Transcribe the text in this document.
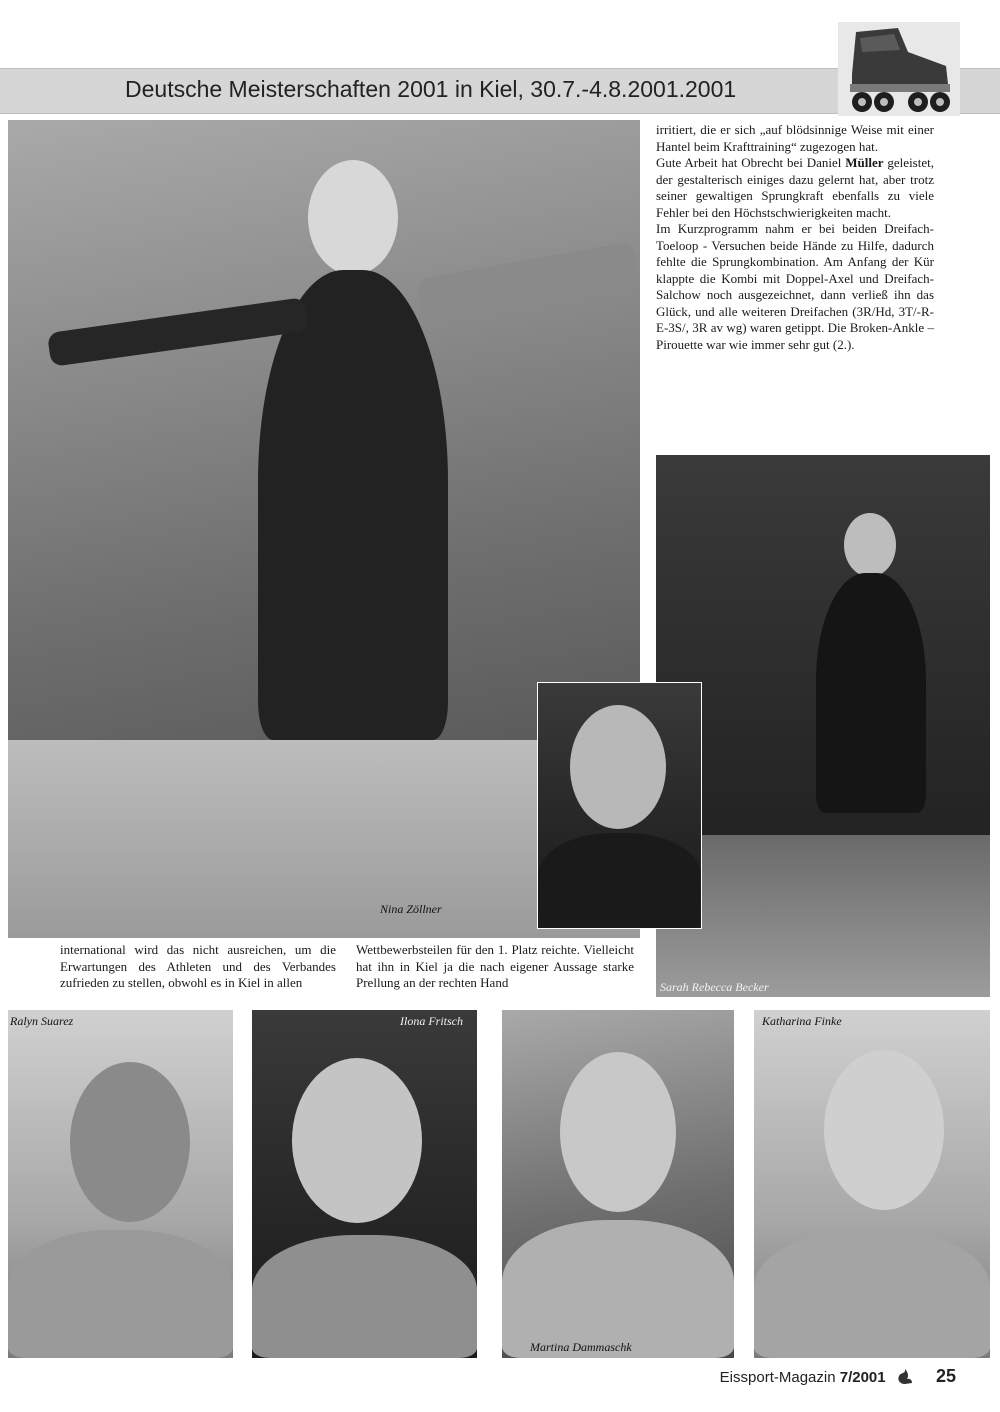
Deutsche Meisterschaften 2001 in Kiel, 30.7.-4.8.2001.2001
Nina Zöllner

irritiert, die er sich „auf blödsinnige Weise mit einer Hantel beim Krafttraining“ zugezogen hat.

Gute Arbeit hat Obrecht bei Daniel Müller geleistet, der gestalterisch einiges dazu gelernt hat, aber trotz seiner gewaltigen Sprungkraft ebenfalls zu viele Fehler bei den Höchstschwierigkeiten macht.

Im Kurzprogramm nahm er bei beiden Dreifach-Toeloop - Versuchen beide Hände zu Hilfe, dadurch fehlte die Sprungkombination. Am Anfang der Kür klappte die Kombi mit Doppel-Axel und Dreifach-Salchow noch ausgezeichnet, dann verließ ihn das Glück, und alle weiteren Dreifachen (3R/Hd, 3T/-R-E-3S/, 3R av wg) waren getippt. Die Broken-Ankle – Pirouette war wie immer sehr gut (2.).

Sarah Rebecca Becker
international wird das nicht ausreichen, um die Erwartungen des Athleten und des Verbandes zufrieden zu stellen, obwohl es in Kiel in allen
Wettbewerbsteilen für den 1. Platz reichte. Vielleicht hat ihn in Kiel ja die nach eigener Aussage starke Prellung an der rechten Hand
Ralyn Suarez	Ilona Fritsch
Martina Dammaschk
Katharina Finke
Eissport-Magazin 7/2001	25
